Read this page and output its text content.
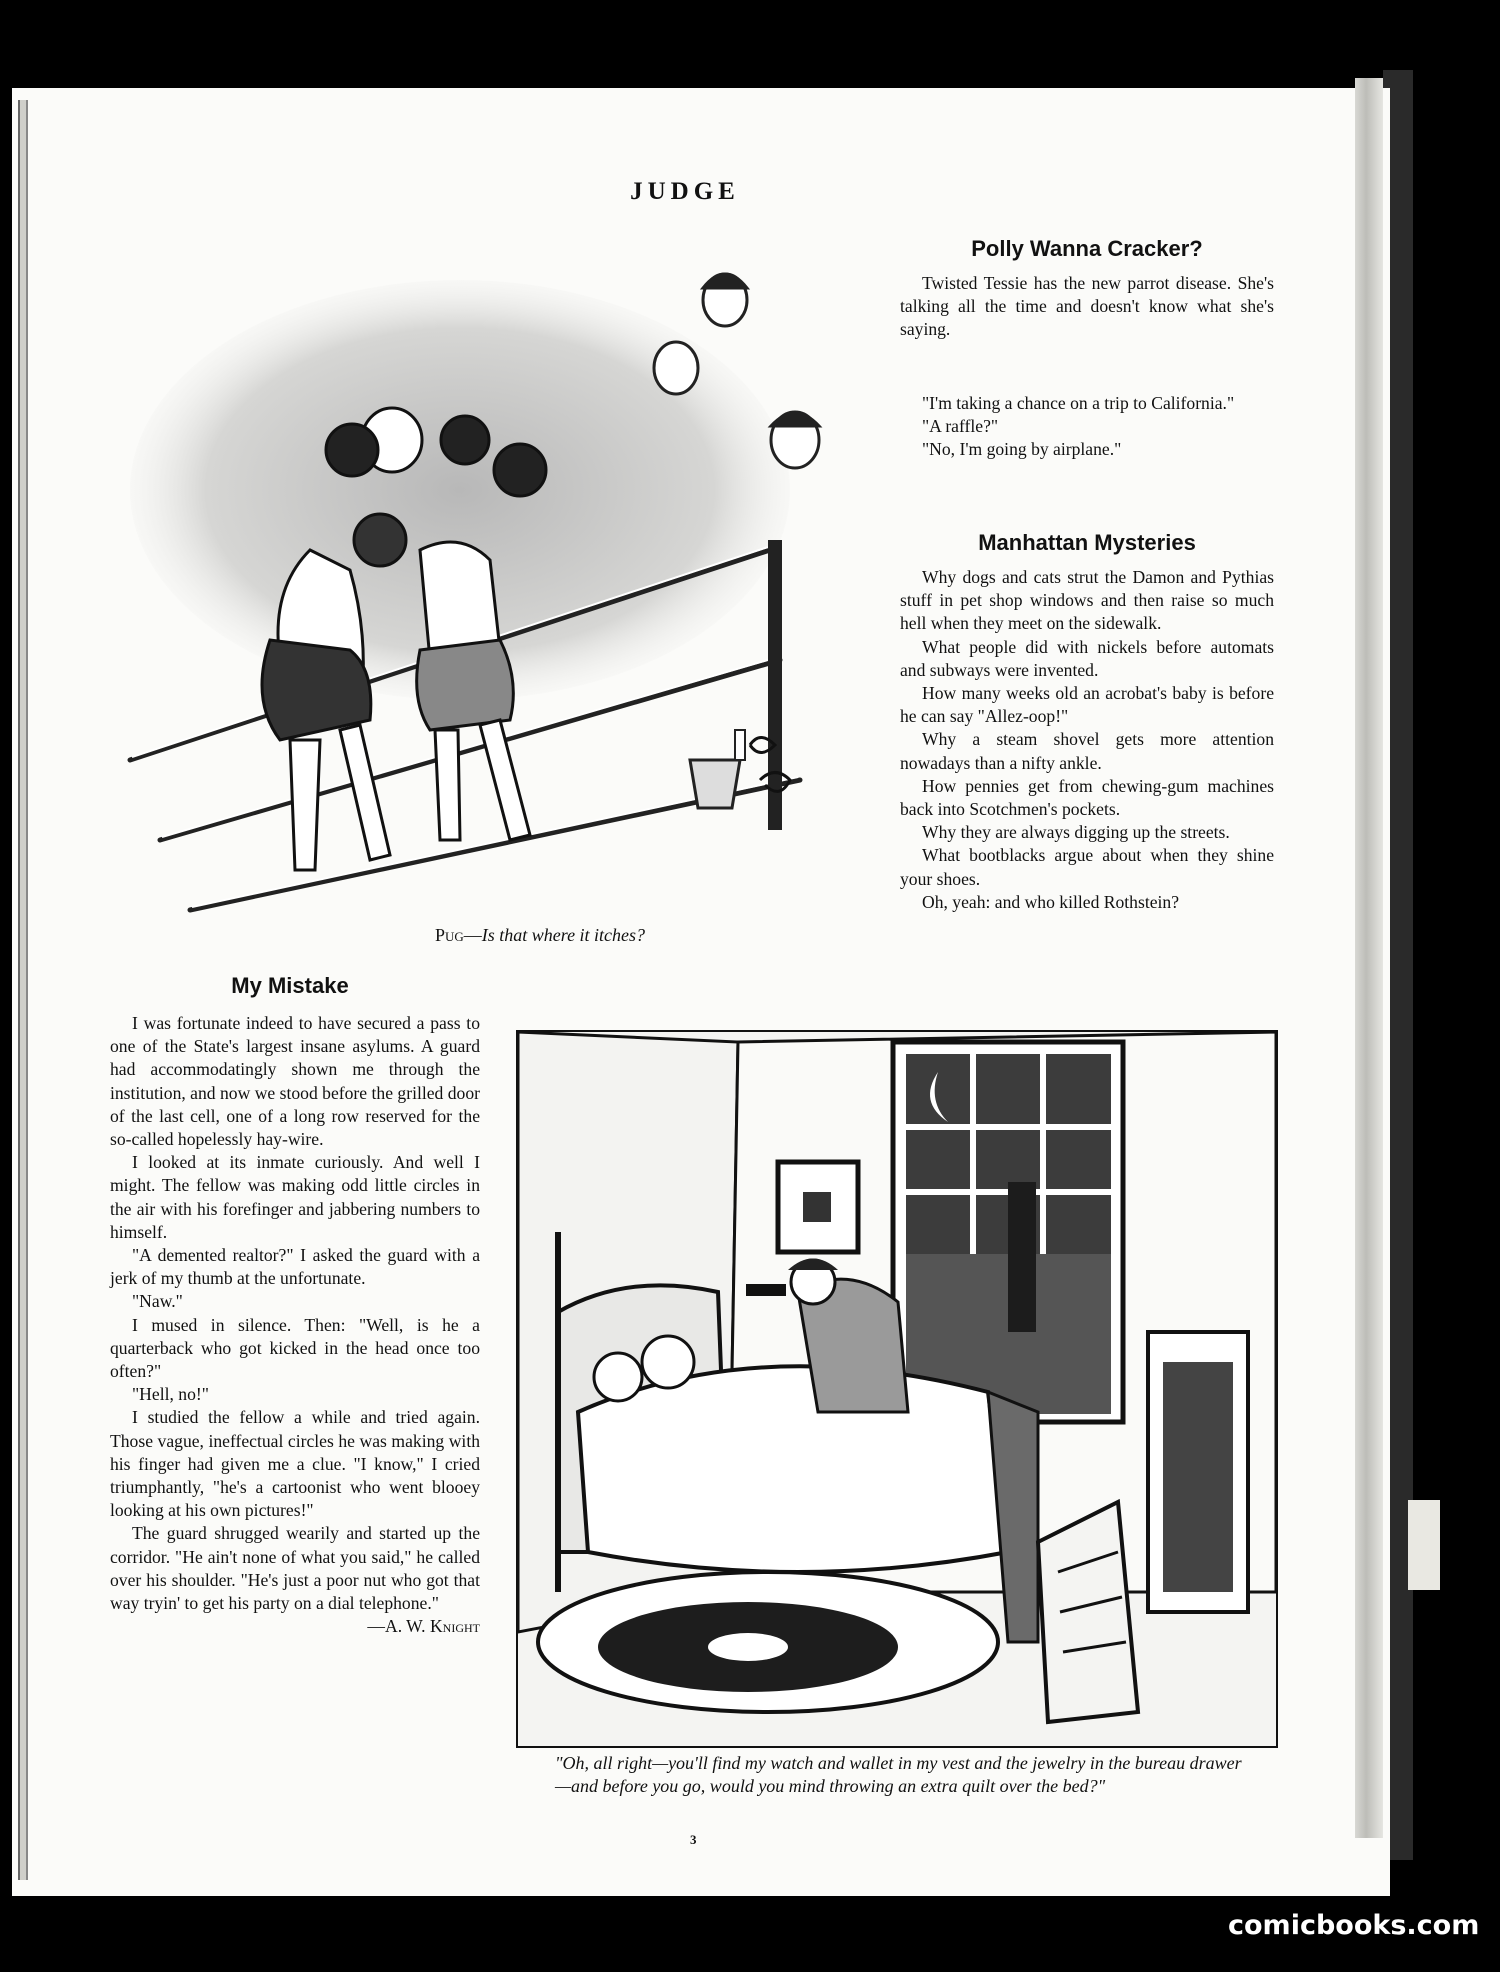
JUDGE
Pug—Is that where it itches?
Polly Wanna Cracker?

Twisted Tessie has the new parrot disease. She's talking all the time and doesn't know what she's saying.

"I'm taking a chance on a trip to California."

"A raffle?"

"No, I'm going by airplane."

Manhattan Mysteries

Why dogs and cats strut the Damon and Pythias stuff in pet shop windows and then raise so much hell when they meet on the sidewalk.

What people did with nickels before automats and subways were invented.

How many weeks old an acrobat's baby is before he can say "Allez-oop!"

Why a steam shovel gets more attention nowadays than a nifty ankle.

How pennies get from chewing-gum machines back into Scotchmen's pockets.

Why they are always digging up the streets.

What bootblacks argue about when they shine your shoes.

Oh, yeah: and who killed Rothstein?

My Mistake

I was fortunate indeed to have secured a pass to one of the State's largest insane asylums. A guard had accommodatingly shown me through the institution, and now we stood before the grilled door of the last cell, one of a long row reserved for the so-called hopelessly hay-wire.

I looked at its inmate curiously. And well I might. The fellow was making odd little circles in the air with his forefinger and jabbering numbers to himself.

"A demented realtor?" I asked the guard with a jerk of my thumb at the unfortunate.

"Naw."

I mused in silence. Then: "Well, is he a quarterback who got kicked in the head once too often?"

"Hell, no!"

I studied the fellow a while and tried again. Those vague, ineffectual circles he was making with his finger had given me a clue. "I know," I cried triumphantly, "he's a cartoonist who went blooey looking at his own pictures!"

The guard shrugged wearily and started up the corridor. "He ain't none of what you said," he called over his shoulder. "He's just a poor nut who got that way tryin' to get his party on a dial telephone."

—A. W. Knight

"Oh, all right—you'll find my watch and wallet in my vest and the jewelry in the bureau drawer—and before you go, would you mind throwing an extra quilt over the bed?"
3
comicbooks.com
